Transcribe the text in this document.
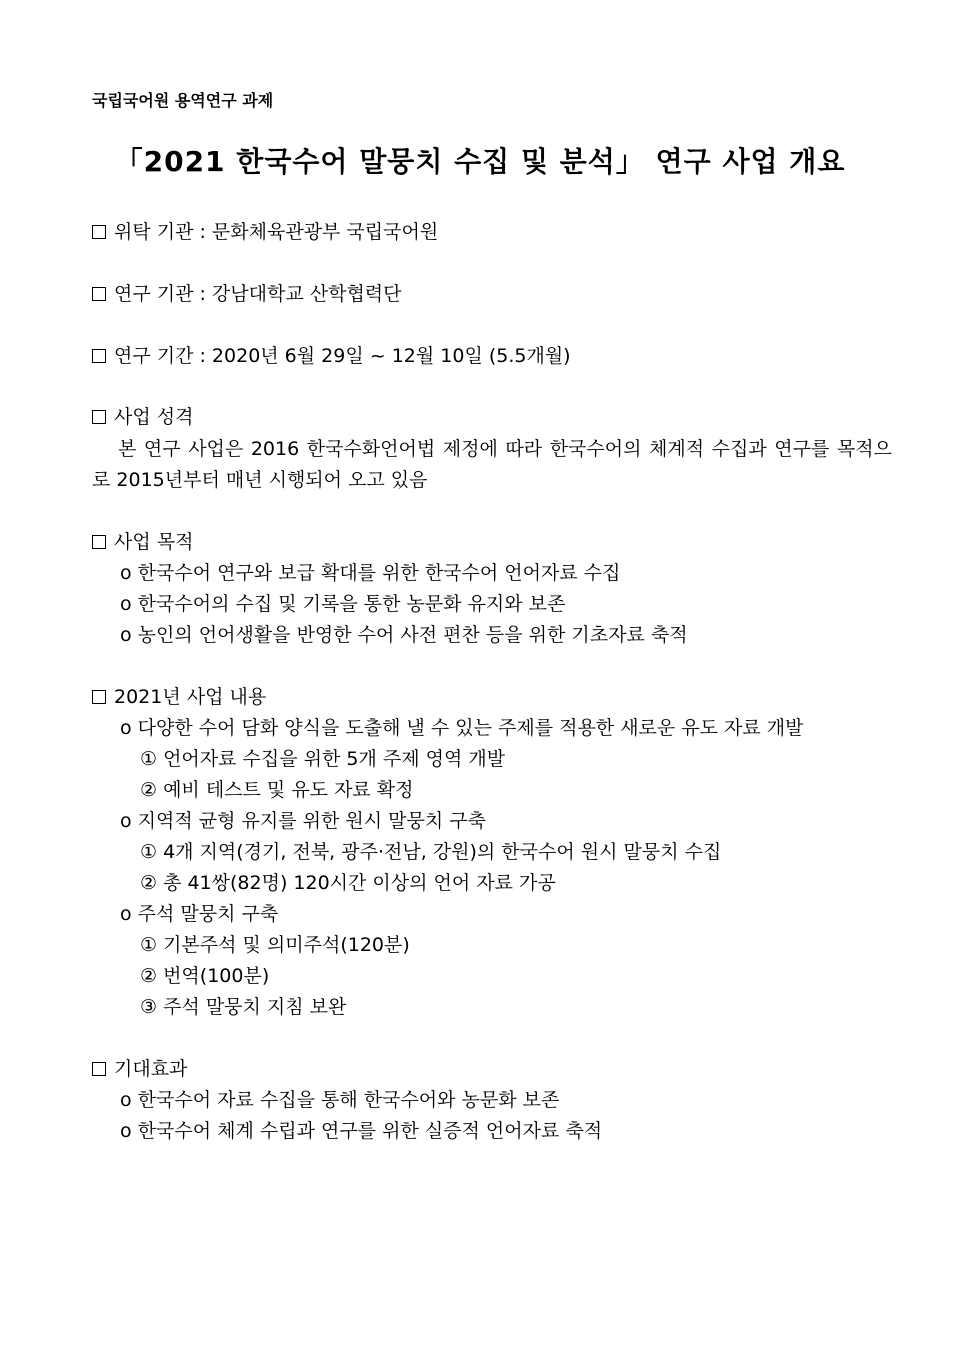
국립국어원 용역연구 과제
「2021 한국수어 말뭉치 수집 및 분석」 연구 사업 개요
위탁 기관 : 문화체육관광부 국립국어원
연구 기관 : 강남대학교 산학협력단
연구 기간 : 2020년 6월 29일 ~ 12월 10일 (5.5개월)
사업 성격
본 연구 사업은 2016 한국수화언어법 제정에 따라 한국수어의 체계적 수집과 연구를 목적으로 2015년부터 매년 시행되어 오고 있음
사업 목적
o 한국수어 연구와 보급 확대를 위한 한국수어 언어자료 수집
o 한국수어의 수집 및 기록을 통한 농문화 유지와 보존
o 농인의 언어생활을 반영한 수어 사전 편찬 등을 위한 기초자료 축적
2021년 사업 내용
o 다양한 수어 담화 양식을 도출해 낼 수 있는 주제를 적용한 새로운 유도 자료 개발
① 언어자료 수집을 위한 5개 주제 영역 개발
② 예비 테스트 및 유도 자료 확정
o 지역적 균형 유지를 위한 원시 말뭉치 구축
① 4개 지역(경기, 전북, 광주·전남, 강원)의 한국수어 원시 말뭉치 수집
② 총 41쌍(82명) 120시간 이상의 언어 자료 가공
o 주석 말뭉치 구축
① 기본주석 및 의미주석(120분)
② 번역(100분)
③ 주석 말뭉치 지침 보완
기대효과
o 한국수어 자료 수집을 통해 한국수어와 농문화 보존
o 한국수어 체계 수립과 연구를 위한 실증적 언어자료 축적
